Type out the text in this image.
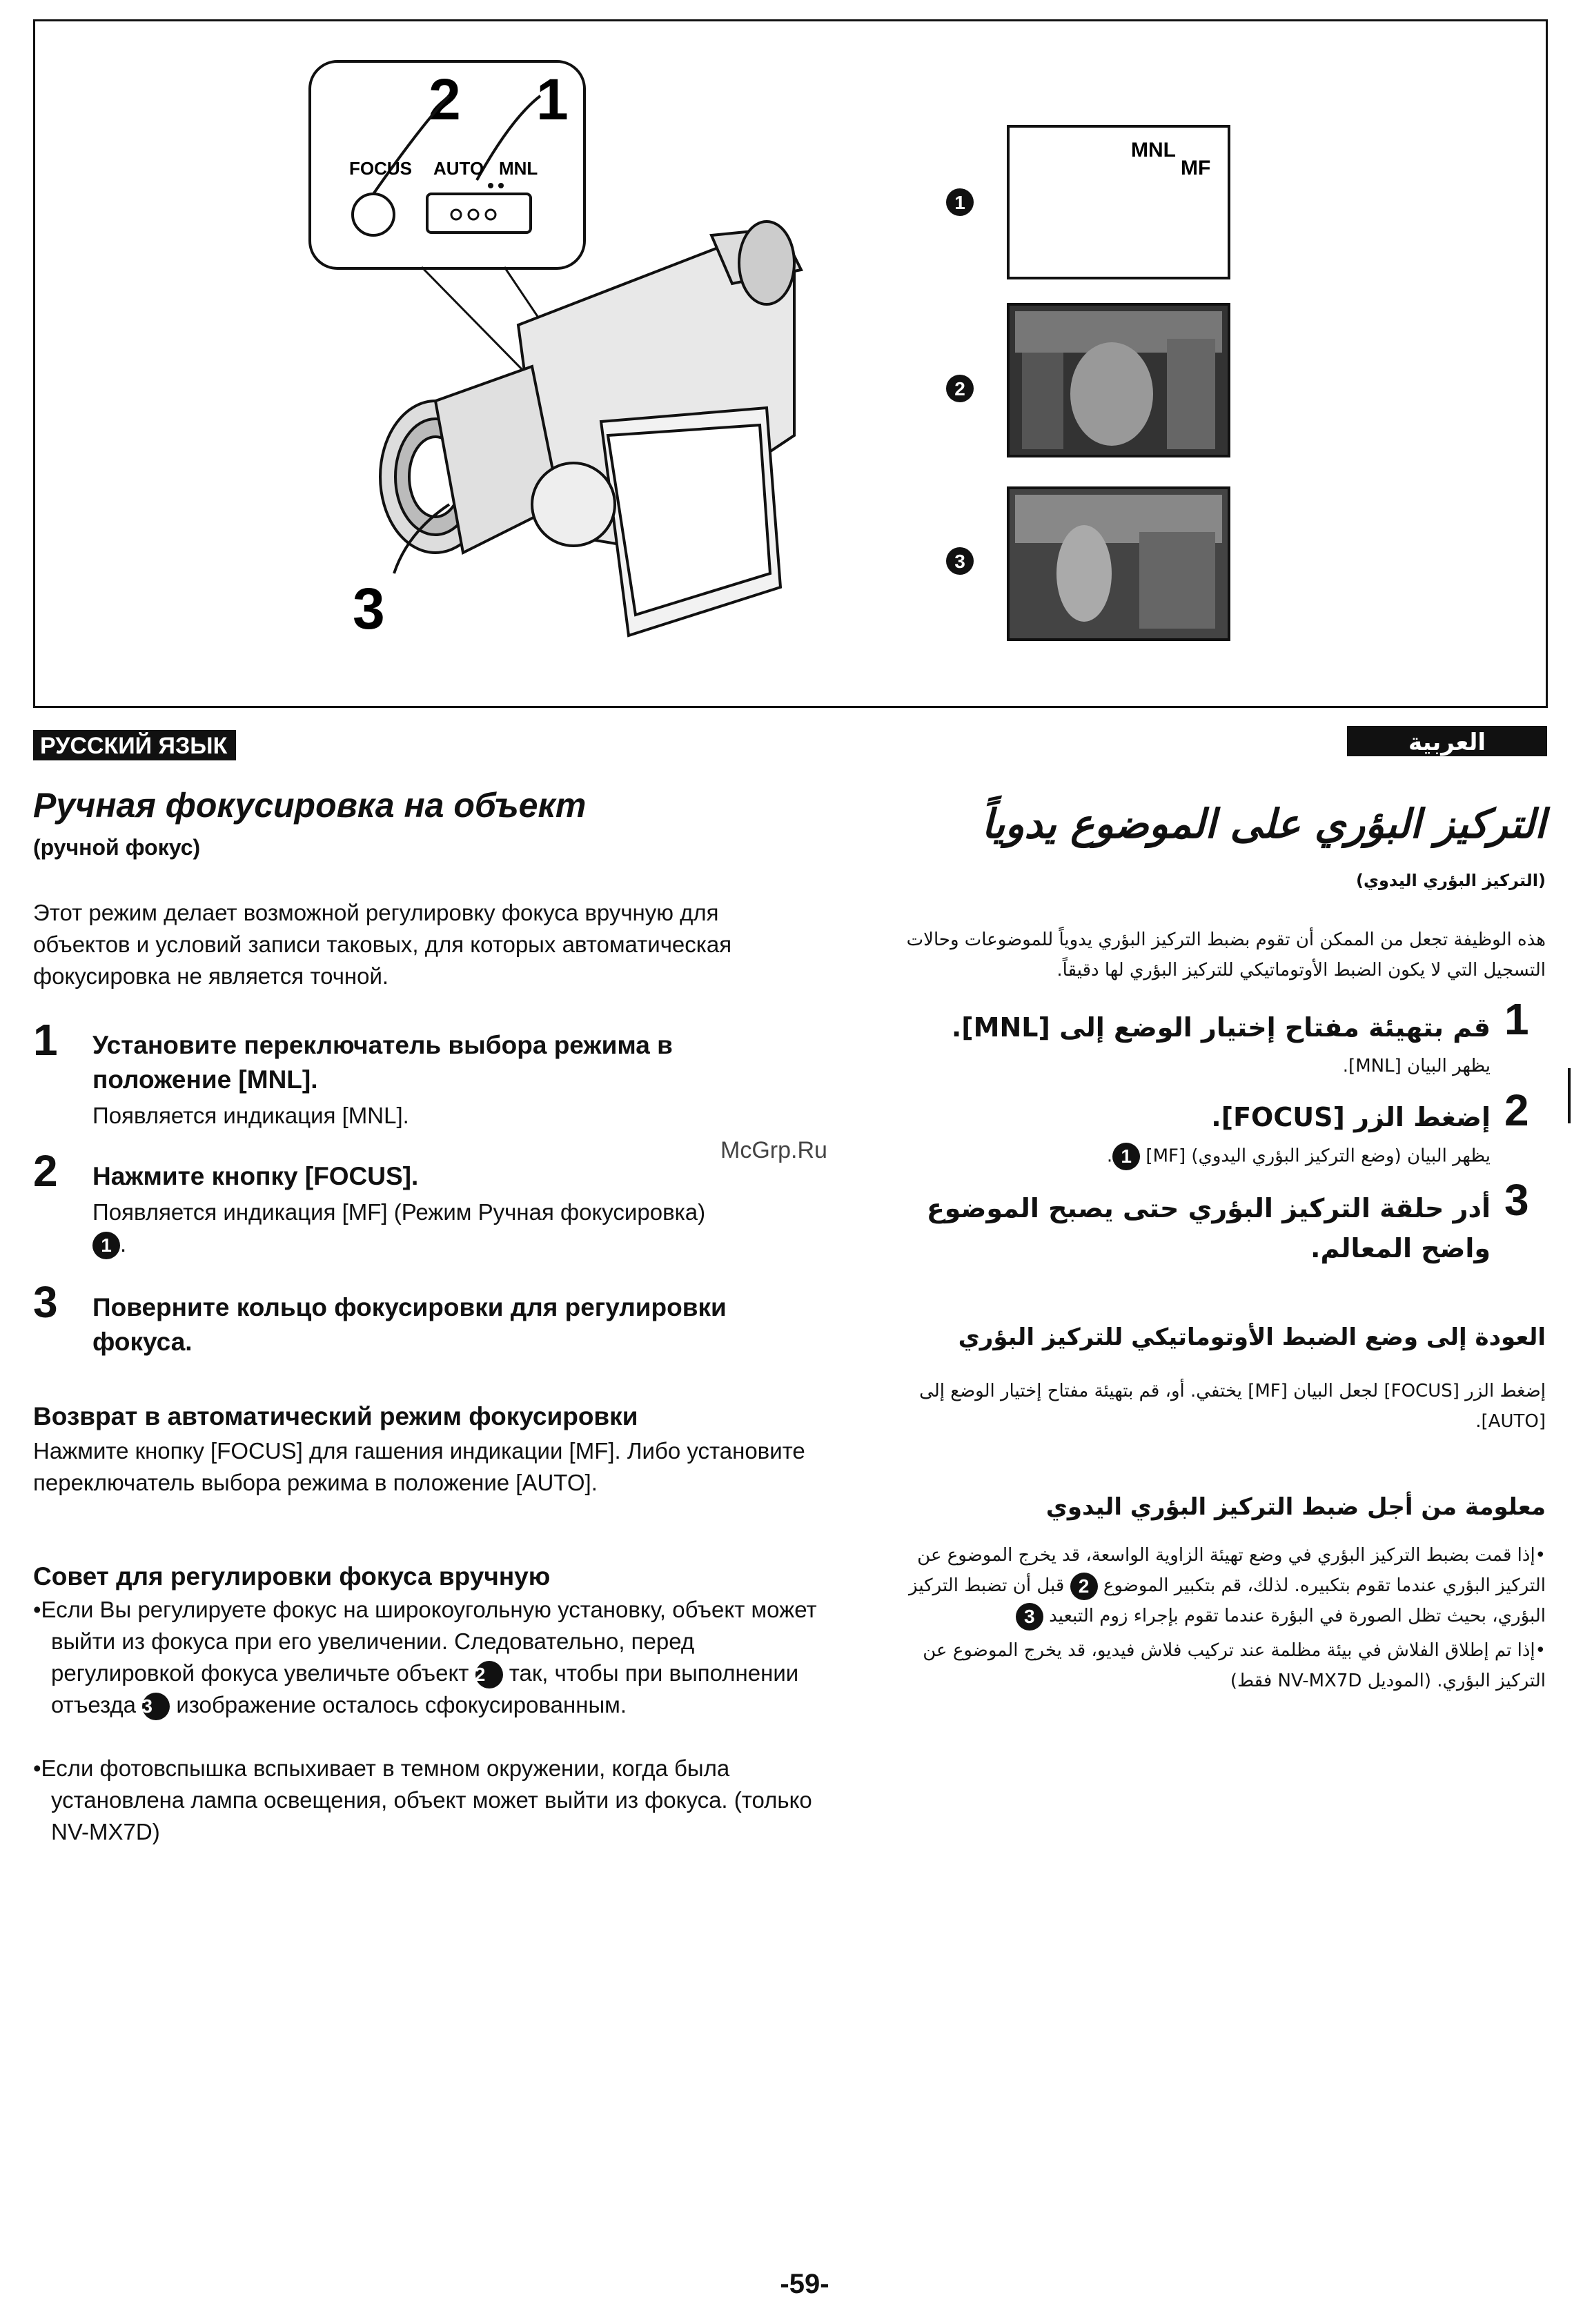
2 1
FOCUS AUTO MNL
3
1
MNL
MF
2
3
РУССКИЙ ЯЗЫК
Ручная фокусировка на объект
(ручной фокус)
Этот режим делает возможной регулировку фокуса вручную для объектов и условий записи таковых, для которых автоматическая фокусировка не является точной.
1 Установите переключатель выбора режима в положение [MNL].
Появляется индикация [MNL].
2 Нажмите кнопку [FOCUS].
Появляется индикация [MF] (Режим Ручная фокусировка)
1 .
3 Поверните кольцо фокусировки для регулировки фокуса.
Возврат в автоматический режим фокусировки
Нажмите кнопку [FOCUS] для гашения индикации [MF]. Либо установите переключатель выбора режима в положение [AUTO].
Совет для регулировки фокуса вручную
•Если Вы регулируете фокус на широкоугольную установку, объект может выйти из фокуса при его увеличении. Следовательно, перед регулировкой фокуса увеличьте объект 2 так, чтобы при выполнении отъезда 3 изображение осталось сфокусированным.
•Если фотовспышка вспыхивает в темном окружении, когда была установлена лампа освещения, объект может выйти из фокуса. (только NV-MX7D)
McGrp.Ru
العربية
التركيز البؤري على الموضوع يدوياً
(التركيز البؤري اليدوي)
هذه الوظيفة تجعل من الممكن أن تقوم بضبط التركيز البؤري يدوياً للموضوعات وحالات التسجيل التي لا يكون الضبط الأوتوماتيكي للتركيز البؤري لها دقيقاً.
1
قم بتهيئة مفتاح إختيار الوضع إلى [MNL].
يظهر البيان [MNL].
2
إضغط الزر [FOCUS].
يظهر البيان (وضع التركيز البؤري اليدوي) [MF] 1.
3
أدر حلقة التركيز البؤري حتى يصبح الموضوع واضح المعالم.
العودة إلى وضع الضبط الأوتوماتيكي للتركيز البؤري
إضغط الزر [FOCUS] لجعل البيان [MF] يختفي. أو، قم بتهيئة مفتاح إختيار الوضع إلى [AUTO].
معلومة من أجل ضبط التركيز البؤري اليدوي
•إذا قمت بضبط التركيز البؤري في وضع تهيئة الزاوية الواسعة، قد يخرج الموضوع عن التركيز البؤري عندما تقوم بتكبيره. لذلك، قم بتكبير الموضوع 2 قبل أن تضبط التركيز البؤري، بحيث تظل الصورة في البؤرة عندما تقوم بإجراء زوم التبعيد 3
•إذا تم إطلاق الفلاش في بيئة مظلمة عند تركيب فلاش فيديو، قد يخرج الموضوع عن التركيز البؤري. (الموديل NV-MX7D فقط)
-59-
